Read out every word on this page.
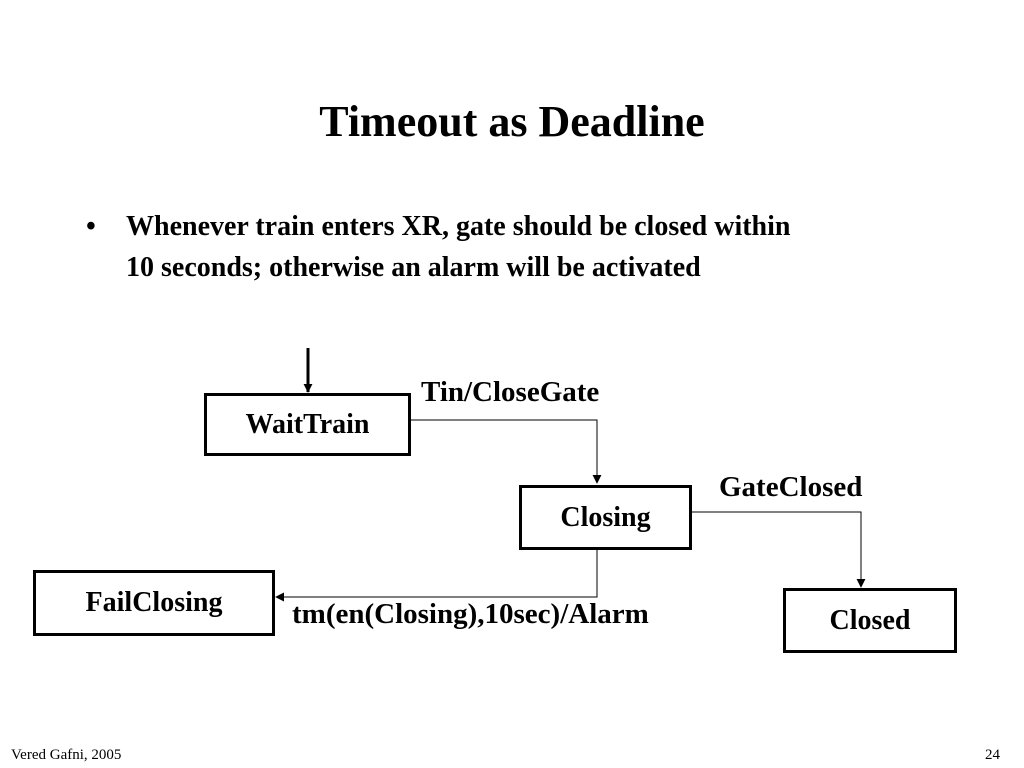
Timeout as Deadline
• Whenever train enters XR, gate should be closed within
10 seconds; otherwise an alarm will be activated
WaitTrain
Closing
FailClosing
Closed
Tin/CloseGate
GateClosed
tm(en(Closing),10sec)/Alarm
Vered Gafni, 2005	24
